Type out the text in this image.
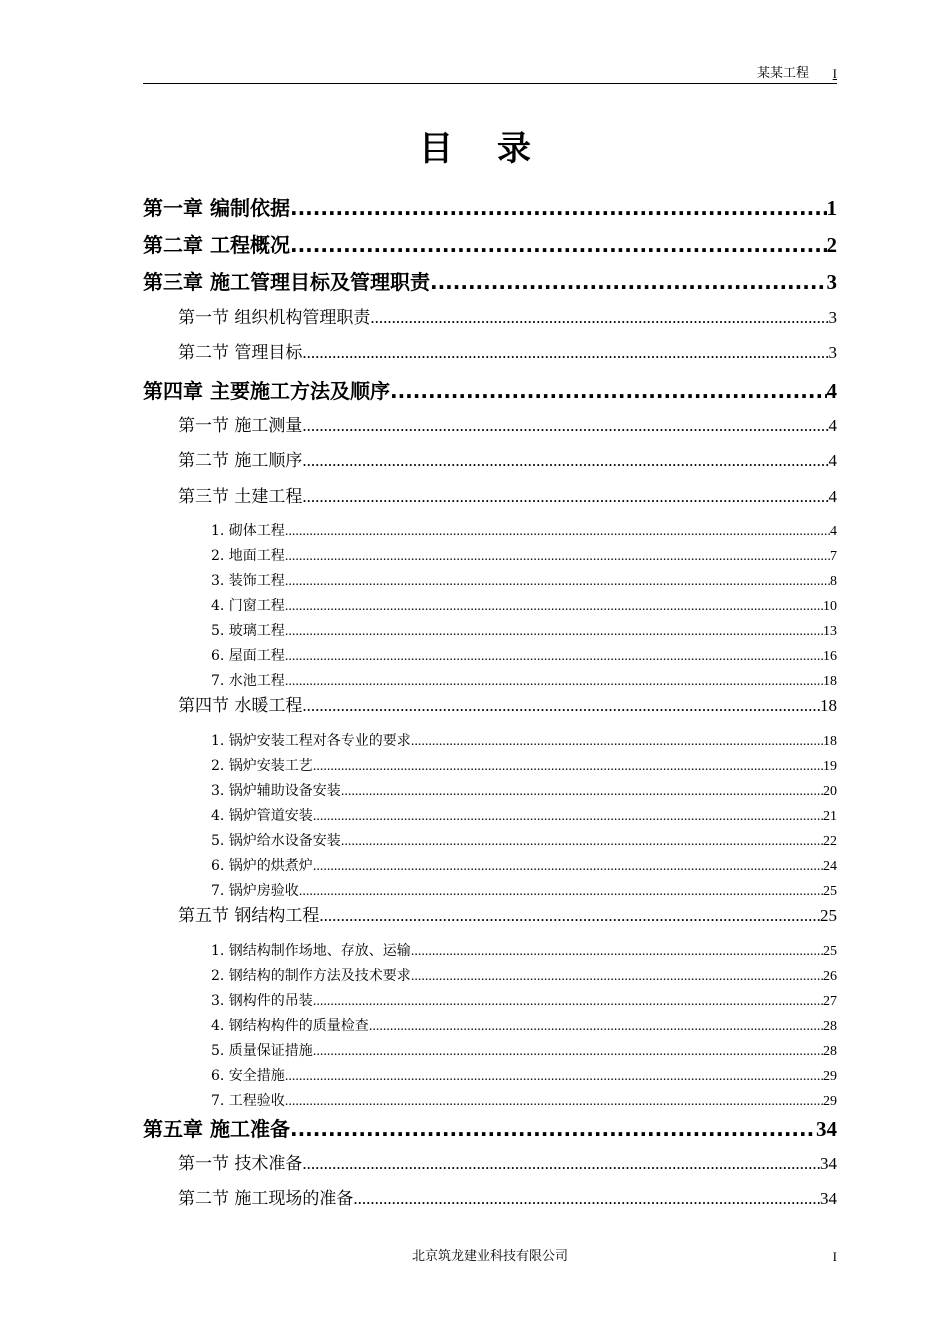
某某工程 I
目 录
第一章 编制依据 .....	1
第二章 工程概况 .....	2
第三章 施工管理目标及管理职责 .....	3
第一节 组织机构管理职责 .....	3
第二节 管理目标 .....	3
第四章 主要施工方法及顺序 .....	4
第一节 施工测量 .....	4
第二节 施工顺序 .....	4
第三节 土建工程 .....	4
1. 砌体工程 .....	4
2. 地面工程 .....	7
3. 装饰工程 .....	8
4. 门窗工程 .....	10
5. 玻璃工程 .....	13
6. 屋面工程 .....	16
7. 水池工程 .....	18
第四节 水暖工程 .....	18
1. 锅炉安装工程对各专业的要求 .....	18
2. 锅炉安装工艺 .....	19
3. 锅炉辅助设备安装 .....	20
4. 锅炉管道安装 .....	21
5. 锅炉给水设备安装 .....	22
6. 锅炉的烘煮炉 .....	24
7. 锅炉房验收 .....	25
第五节 钢结构工程 .....	25
1. 钢结构制作场地、存放、运输 .....	25
2. 钢结构的制作方法及技术要求 .....	26
3. 钢构件的吊装 .....	27
4. 钢结构构件的质量检查 .....	28
5. 质量保证措施 .....	28
6. 安全措施 .....	29
7. 工程验收 .....	29
第五章 施工准备 .....	34
第一节 技术准备 .....	34
第二节 施工现场的准备 .....	34
北京筑龙建业科技有限公司	I
